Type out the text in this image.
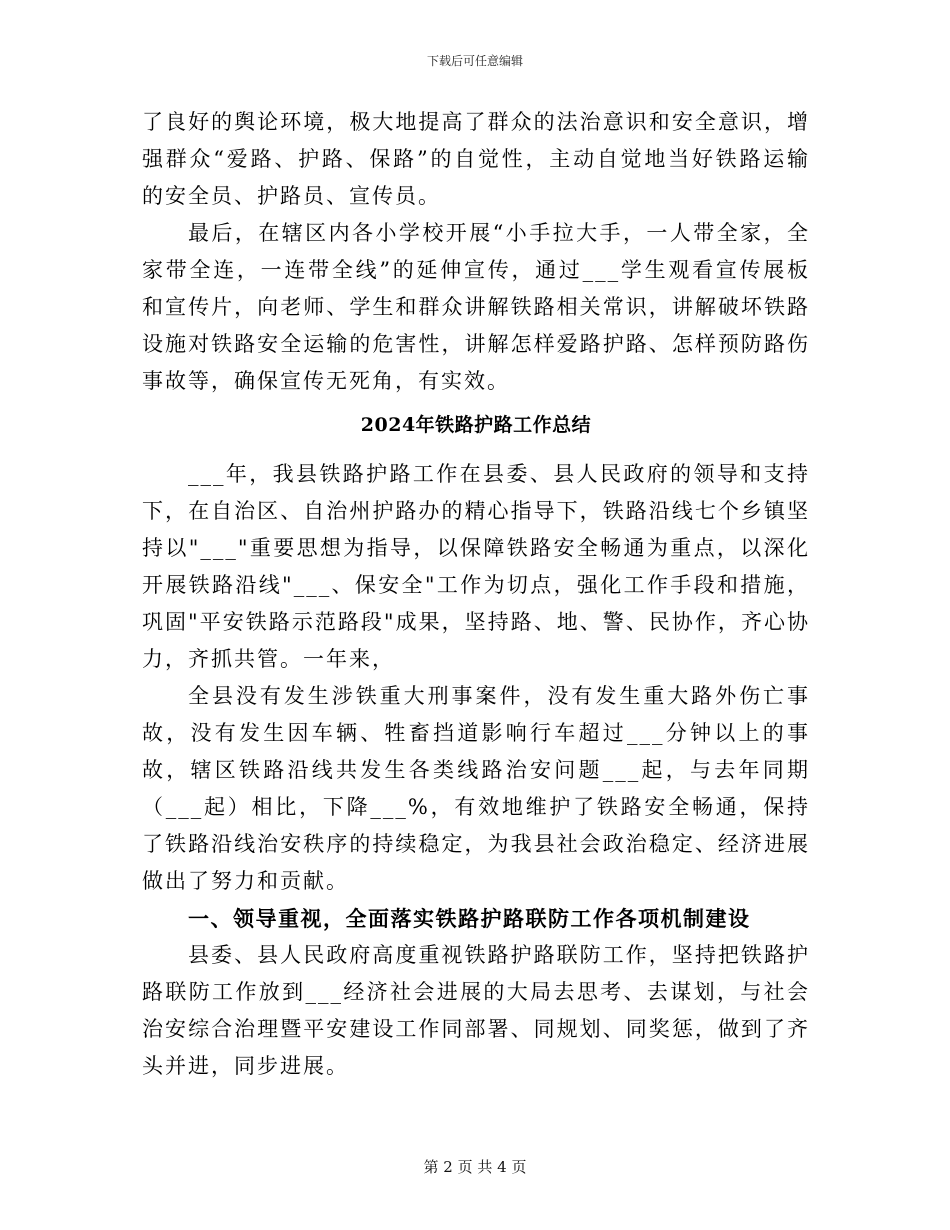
下载后可任意编辑

了良好的舆论环境，极大地提高了群众的法治意识和安全意识，增强群众“爱路、护路、保路”的自觉性，主动自觉地当好铁路运输的安全员、护路员、宣传员。

最后，在辖区内各小学校开展“小手拉大手，一人带全家，全家带全连，一连带全线”的延伸宣传，通过___学生观看宣传展板和宣传片，向老师、学生和群众讲解铁路相关常识，讲解破坏铁路设施对铁路安全运输的危害性，讲解怎样爱路护路、怎样预防路伤事故等，确保宣传无死角，有实效。

2024年铁路护路工作总结

___年，我县铁路护路工作在县委、县人民政府的领导和支持下，在自治区、自治州护路办的精心指导下，铁路沿线七个乡镇坚持以"___"重要思想为指导，以保障铁路安全畅通为重点，以深化开展铁路沿线"___、保安全"工作为切点，强化工作手段和措施，巩固"平安铁路示范路段"成果，坚持路、地、警、民协作，齐心协力，齐抓共管。一年来，

全县没有发生涉铁重大刑事案件，没有发生重大路外伤亡事故，没有发生因车辆、牲畜挡道影响行车超过___分钟以上的事故，辖区铁路沿线共发生各类线路治安问题___起，与去年同期（___起）相比，下降___%，有效地维护了铁路安全畅通，保持了铁路沿线治安秩序的持续稳定，为我县社会政治稳定、经济进展做出了努力和贡献。

一、领导重视，全面落实铁路护路联防工作各项机制建设

县委、县人民政府高度重视铁路护路联防工作，坚持把铁路护路联防工作放到___经济社会进展的大局去思考、去谋划，与社会治安综合治理暨平安建设工作同部署、同规划、同奖惩，做到了齐头并进，同步进展。

第 2 页 共 4 页
